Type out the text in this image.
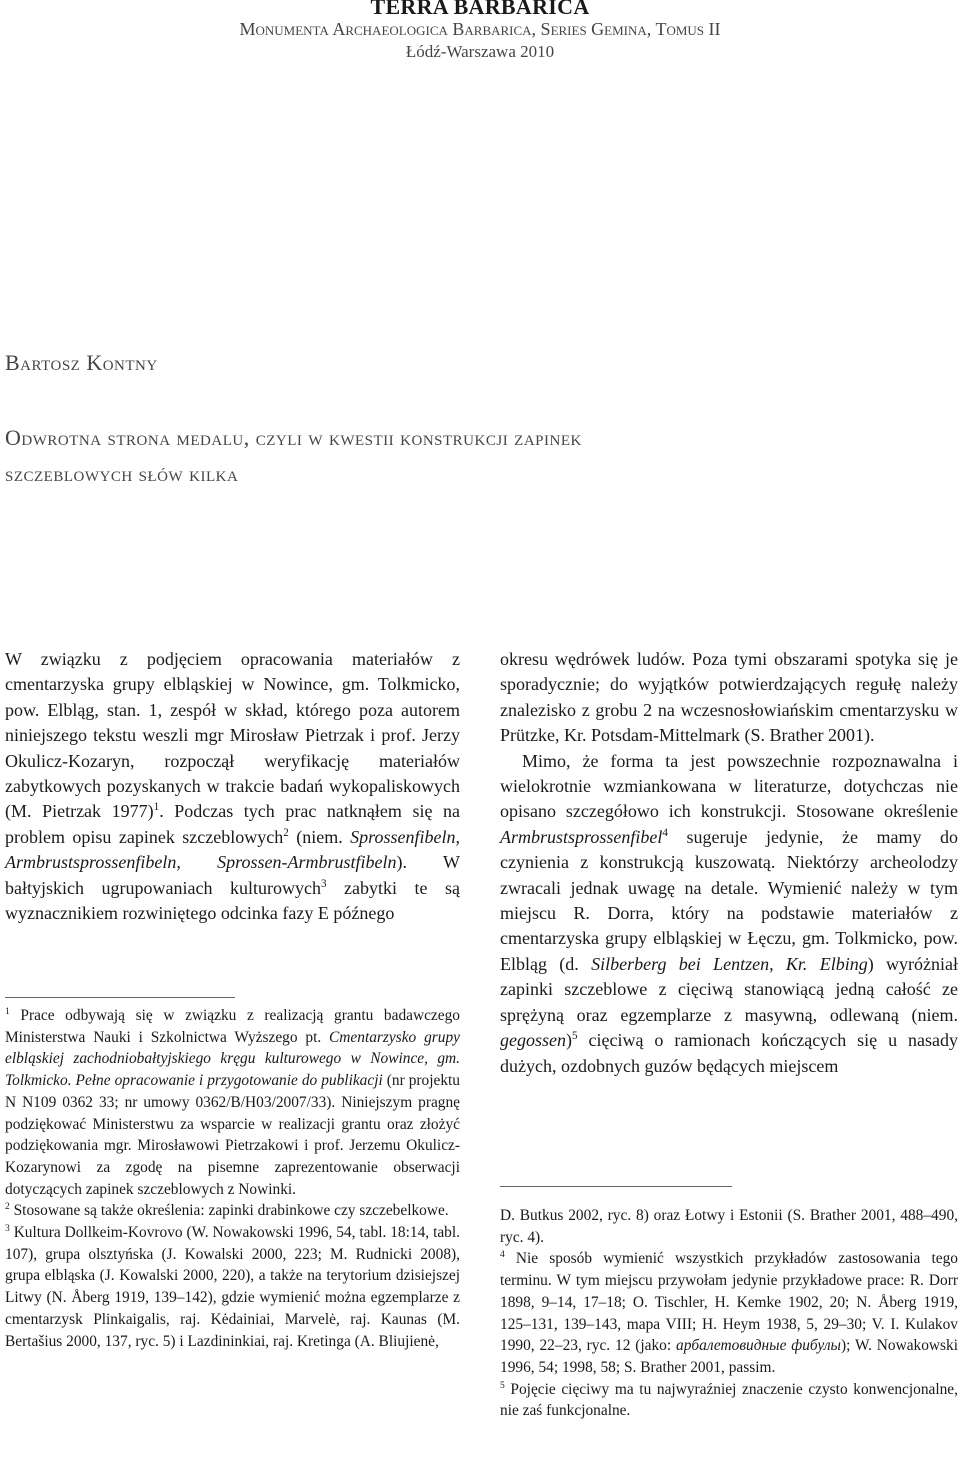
TERRA BARBARICA
Monumenta Archaeologica Barbarica, Series Gemina, Tomus II
Łódź-Warszawa 2010
Bartosz Kontny
Odwrotna strona medalu, czyli w kwestii konstrukcji zapinek
szczeblowych słów kilka

W związku z podjęciem opracowania materiałów z cmentarzyska grupy elbląskiej w Nowince, gm. Tolkmicko, pow. Elbląg, stan. 1, zespół w skład, którego poza autorem niniejszego tekstu weszli mgr Mirosław Pietrzak i prof. Jerzy Okulicz-Kozaryn, rozpoczął weryfikację materiałów zabytkowych pozyskanych w trakcie badań wykopaliskowych (M. Pietrzak 1977)$^1$. Podczas tych prac natknąłem się na problem opisu zapinek szczeblowych$^2$ (niem. Sprossenfibeln, Armbrustsprossenfibeln, Sprossen-Armbrustfibeln). W bałtyjskich ugrupowaniach kulturowych$^3$ zabytki te są wyznacznikiem rozwiniętego odcinka fazy E późnego

okresu wędrówek ludów. Poza tymi obszarami spotyka się je sporadycznie; do wyjątków potwierdzających regułę należy znalezisko z grobu 2 na wczesnosłowiańskim cmentarzysku w Prützke, Kr. Potsdam-Mittelmark (S. Brather 2001).

Mimo, że forma ta jest powszechnie rozpoznawalna i wielokrotnie wzmiankowana w literaturze, dotychczas nie opisano szczegółowo ich konstrukcji. Stosowane określenie Armbrustsprossenfibel$^4$ sugeruje jedynie, że mamy do czynienia z konstrukcją kuszowatą. Niektórzy archeolodzy zwracali jednak uwagę na detale. Wymienić należy w tym miejscu R. Dorra, który na podstawie materiałów z cmentarzyska grupy elbląskiej w Łęczu, gm. Tolkmicko, pow. Elbląg (d. Silberberg bei Lentzen, Kr. Elbing) wyróżniał zapinki szczeblowe z cięciwą stanowiącą jedną całość ze sprężyną oraz egzemplarze z masywną, odlewaną (niem. gegossen)$^5$ cięciwą o ramionach kończących się u nasady dużych, ozdobnych guzów będących miejscem

$^1$ Prace odbywają się w związku z realizacją grantu badawczego Ministerstwa Nauki i Szkolnictwa Wyższego pt. Cmentarzysko grupy elbląskiej zachodniobałtyjskiego kręgu kulturowego w Nowince, gm. Tolkmicko. Pełne opracowanie i przygotowanie do publikacji (nr projektu N N109 0362 33; nr umowy 0362/B/H03/2007/33). Niniejszym pragnę podziękować Ministerstwu za wsparcie w realizacji grantu oraz złożyć podziękowania mgr. Mirosławowi Pietrzakowi i prof. Jerzemu Okulicz-Kozarynowi za zgodę na pisemne zaprezentowanie obserwacji dotyczących zapinek szczeblowych z Nowinki.

$^2$ Stosowane są także określenia: zapinki drabinkowe czy szczebelkowe.

$^3$ Kultura Dollkeim-Kovrovo (W. Nowakowski 1996, 54, tabl. 18:14, tabl. 107), grupa olsztyńska (J. Kowalski 2000, 223; M. Rudnicki 2008), grupa elbląska (J. Kowalski 2000, 220), a także na terytorium dzisiejszej Litwy (N. Åberg 1919, 139–142), gdzie wymienić można egzemplarze z cmentarzysk Plinkaigalis, raj. Kėdainiai, Marvelė, raj. Kaunas (M. Bertašius 2000, 137, ryc. 5) i Lazdininkiai, raj. Kretinga (A. Bliujienė,

D. Butkus 2002, ryc. 8) oraz Łotwy i Estonii (S. Brather 2001, 488–490, ryc. 4).

$^4$ Nie sposób wymienić wszystkich przykładów zastosowania tego terminu. W tym miejscu przywołam jedynie przykładowe prace: R. Dorr 1898, 9–14, 17–18; O. Tischler, H. Kemke 1902, 20; N. Åberg 1919, 125–131, 139–143, mapa VIII; H. Heym 1938, 5, 29–30; V. I. Kulakov 1990, 22–23, ryc. 12 (jako: арбалетовидные фибулы); W. Nowakowski 1996, 54; 1998, 58; S. Brather 2001, passim.

$^5$ Pojęcie cięciwy ma tu najwyraźniej znaczenie czysto konwencjonalne, nie zaś funkcjonalne.
